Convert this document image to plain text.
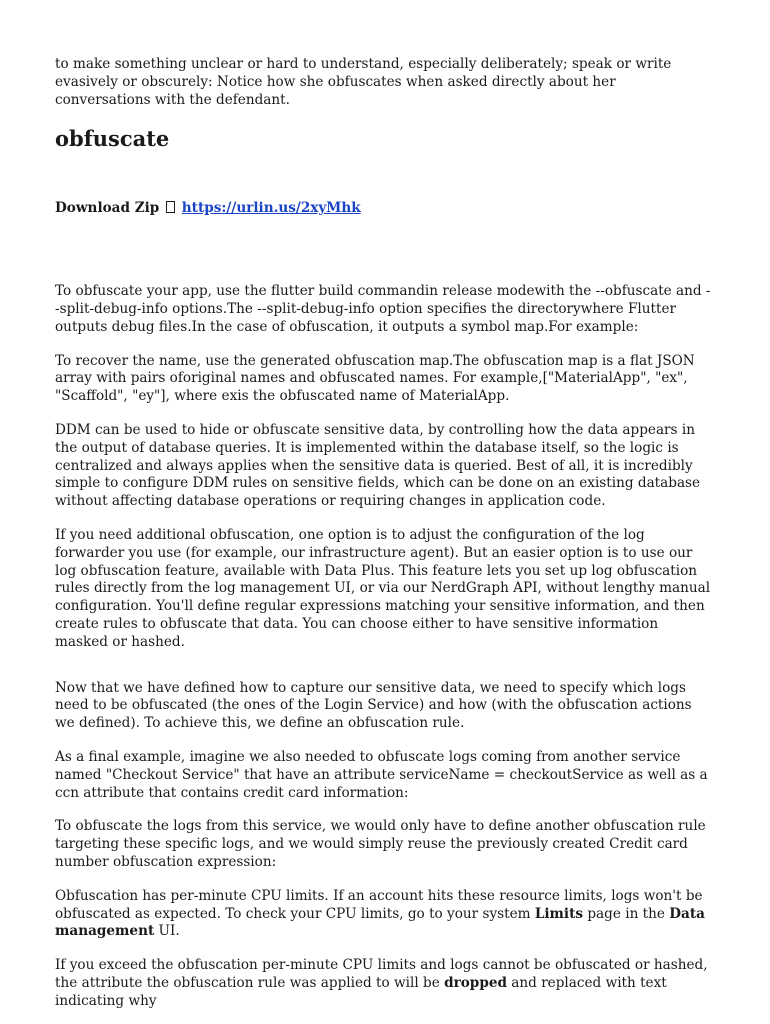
to make something unclear or hard to understand, especially deliberately; speak or write evasively or obscurely: Notice how she obfuscates when asked directly about her conversations with the defendant.

obfuscate
Download Zip https://urlin.us/2xyMhk

To obfuscate your app, use the flutter build commandin release modewith the --obfuscate and --split-debug-info options.The --split-debug-info option specifies the directorywhere Flutter outputs debug files.In the case of obfuscation, it outputs a symbol map.For example:

To recover the name, use the generated obfuscation map.The obfuscation map is a flat JSON array with pairs oforiginal names and obfuscated names. For example,["MaterialApp", "ex", "Scaffold", "ey"], where exis the obfuscated name of MaterialApp.

DDM can be used to hide or obfuscate sensitive data, by controlling how the data appears in the output of database queries. It is implemented within the database itself, so the logic is centralized and always applies when the sensitive data is queried. Best of all, it is incredibly simple to configure DDM rules on sensitive fields, which can be done on an existing database without affecting database operations or requiring changes in application code.

If you need additional obfuscation, one option is to adjust the configuration of the log forwarder you use (for example, our infrastructure agent). But an easier option is to use our log obfuscation feature, available with Data Plus. This feature lets you set up log obfuscation rules directly from the log management UI, or via our NerdGraph API, without lengthy manual configuration. You'll define regular expressions matching your sensitive information, and then create rules to obfuscate that data. You can choose either to have sensitive information masked or hashed.

Now that we have defined how to capture our sensitive data, we need to specify which logs need to be obfuscated (the ones of the Login Service) and how (with the obfuscation actions we defined). To achieve this, we define an obfuscation rule.

As a final example, imagine we also needed to obfuscate logs coming from another service named "Checkout Service" that have an attribute serviceName = checkoutService as well as a ccn attribute that contains credit card information:

To obfuscate the logs from this service, we would only have to define another obfuscation rule targeting these specific logs, and we would simply reuse the previously created Credit card number obfuscation expression:

Obfuscation has per-minute CPU limits. If an account hits these resource limits, logs won't be obfuscated as expected. To check your CPU limits, go to your system Limits page in the Data management UI.

If you exceed the obfuscation per-minute CPU limits and logs cannot be obfuscated or hashed, the attribute the obfuscation rule was applied to will be dropped and replaced with text indicating why
